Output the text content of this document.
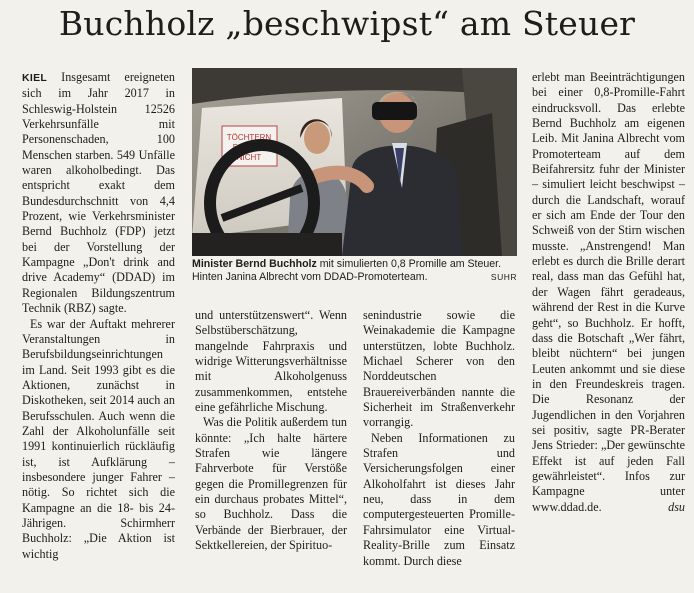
Buchholz „beschwipst“ am Steuer

KIEL Insgesamt ereigneten sich im Jahr 2017 in Schleswig-Holstein 12526 Verkehrsunfälle mit Personenschaden, 100 Menschen starben. 549 Unfälle waren alkoholbedingt. Das entspricht exakt dem Bundesdurchschnitt von 4,4 Prozent, wie Verkehrsminister Bernd Buchholz (FDP) jetzt bei der Vorstellung der Kampagne „Don't drink and drive Academy“ (DDAD) im Regionalen Bildungszentrum Technik (RBZ) sagte.

Es war der Auftakt mehrerer Veranstaltungen in Berufsbildungseinrichtungen im Land. Seit 1993 gibt es die Aktionen, zunächst in Diskotheken, seit 2014 auch an Berufsschulen. Auch wenn die Zahl der Alkoholunfälle seit 1991 kontinuierlich rückläufig ist, ist Aufklärung – insbesondere junger Fahrer – nötig. So richtet sich die Kampagne an die 18- bis 24-Jährigen. Schirmherr Buchholz: „Die Aktion ist wichtig

TÖCHTERN
FAHREN
NICHT
Minister Bernd Buchholz mit simulierten 0,8 Promille am Steuer. Hinten Janina Albrecht vom DDAD-Promoterteam.	SUHR

und unterstützenswert“. Wenn Selbstüberschätzung, mangelnde Fahrpraxis und widrige Witterungsverhältnisse mit Alkoholgenuss zusammenkommen, entstehe eine gefährliche Mischung.

Was die Politik außerdem tun könnte: „Ich halte härtere Strafen wie längere Fahrverbote für Verstöße gegen die Promillegrenzen für ein durchaus probates Mittel“, so Buchholz. Dass die Verbände der Bierbrauer, der Sektkellereien, der Spirituo-

senindustrie sowie die Weinakademie die Kampagne unterstützen, lobte Buchholz. Michael Scherer von den Norddeutschen Brauereiverbänden nannte die Sicherheit im Straßenverkehr vorrangig.

Neben Informationen zu Strafen und Versicherungsfolgen einer Alkoholfahrt ist dieses Jahr neu, dass in dem computergesteuerten Promille-Fahrsimulator eine Virtual-Reality-Brille zum Einsatz kommt. Durch diese

erlebt man Beeinträchtigungen bei einer 0,8-Promille-Fahrt eindrucksvoll. Das erlebte Bernd Buchholz am eigenen Leib. Mit Janina Albrecht vom Promoterteam auf dem Beifahrersitz fuhr der Minister – simuliert leicht beschwipst – durch die Landschaft, worauf er sich am Ende der Tour den Schweiß von der Stirn wischen musste. „Anstrengend! Man erlebt es durch die Brille derart real, dass man das Gefühl hat, der Wagen fährt geradeaus, während der Rest in die Kurve geht“, so Buchholz. Er hofft, dass die Botschaft „Wer fährt, bleibt nüchtern“ bei jungen Leuten ankommt und sie diese in den Freundeskreis tragen. Die Resonanz der Jugendlichen in den Vorjahren sei positiv, sagte PR-Berater Jens Strieder: „Der gewünschte Effekt ist auf jeden Fall gewährleistet“. Infos zur Kampagne unter www.ddad.de.	dsu
